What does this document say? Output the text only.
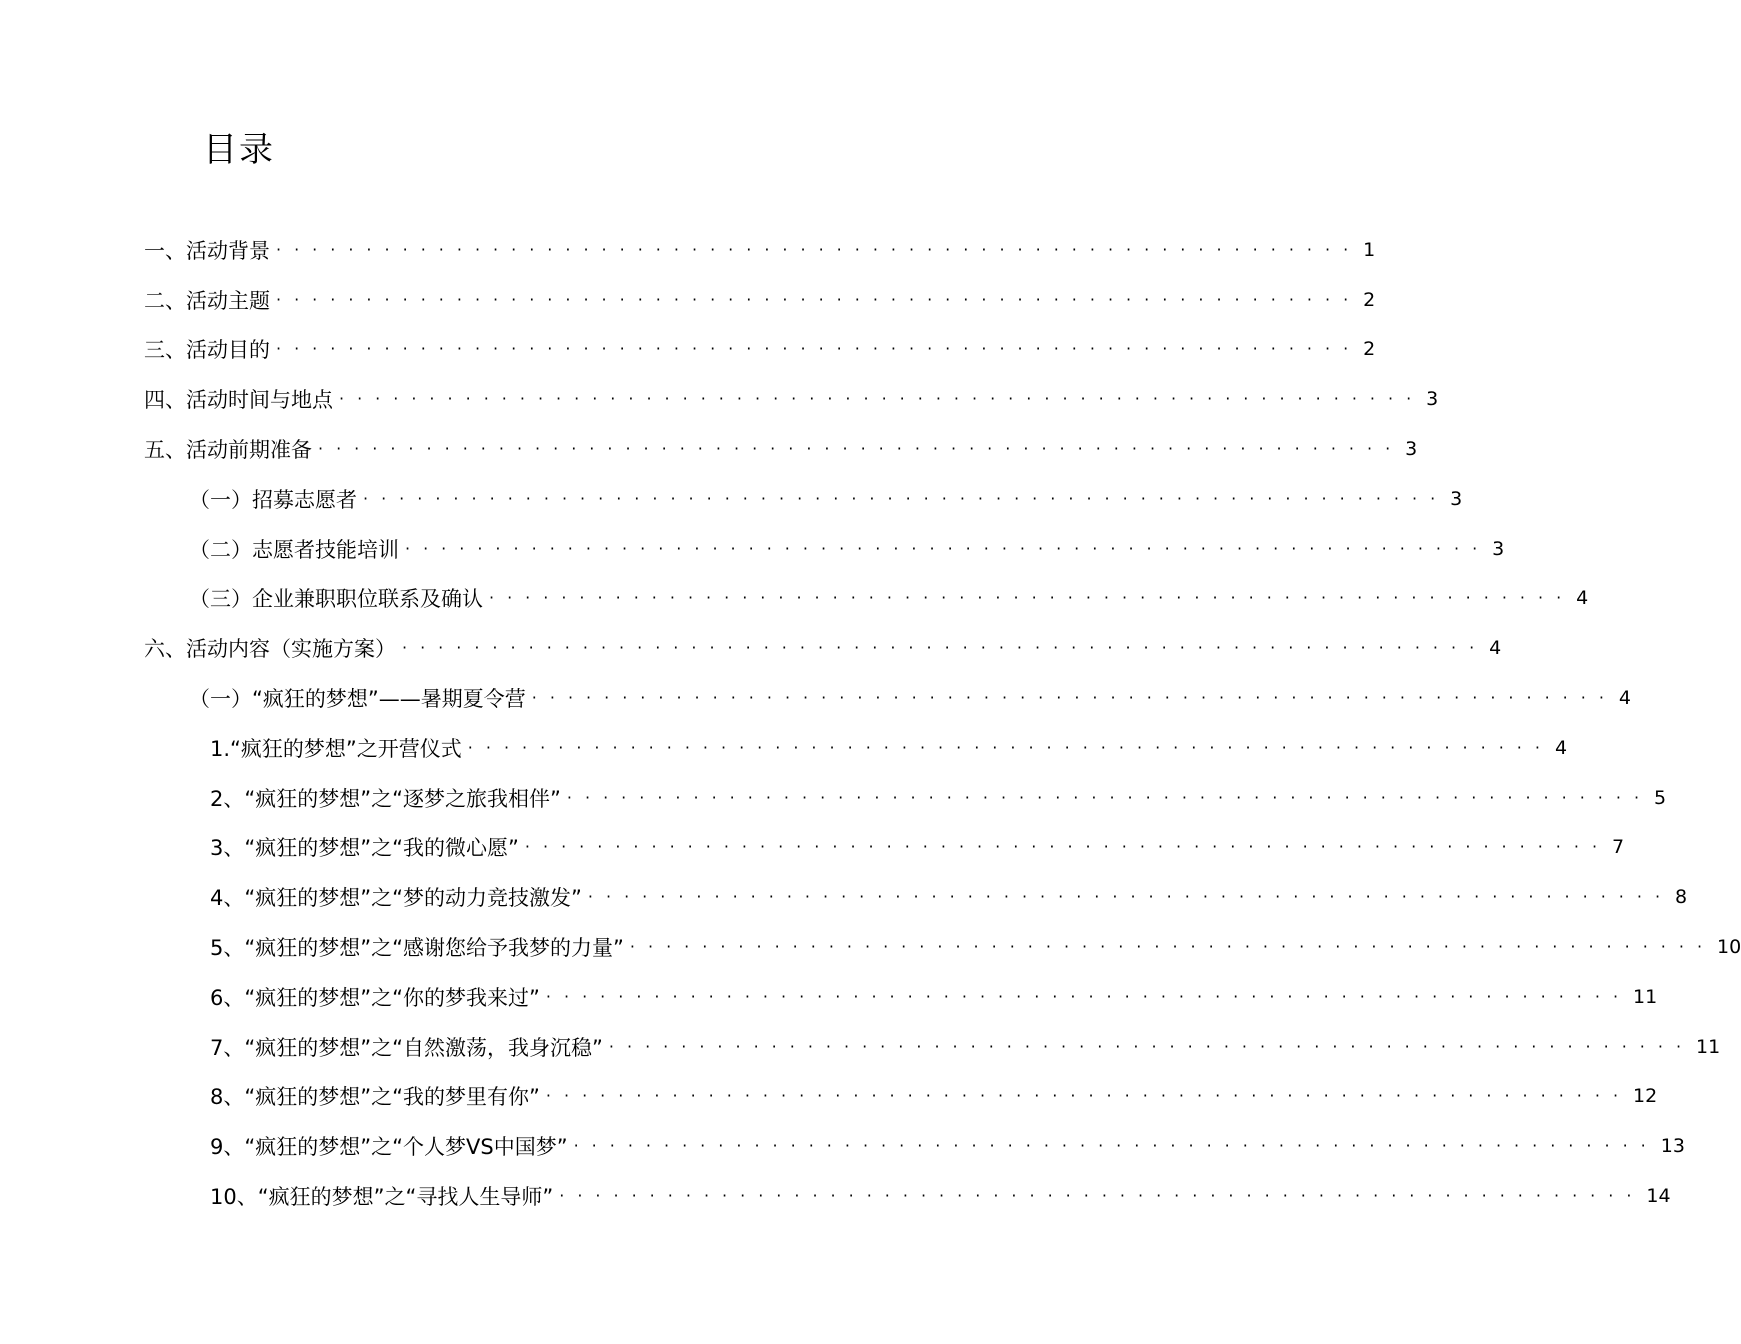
目录
一、活动背景 ···························································· 1
二、活动主题 ···························································· 2
三、活动目的 ···························································· 2
四、活动时间与地点 ···························································· 3
五、活动前期准备 ···························································· 3
（一）招募志愿者 ···························································· 3
（二）志愿者技能培训 ···························································· 3
（三）企业兼职职位联系及确认 ···························································· 4
六、活动内容（实施方案） ···························································· 4
（一）“疯狂的梦想”——暑期夏令营 ···························································· 4
1.“疯狂的梦想”之开营仪式 ···························································· 4
2、“疯狂的梦想”之“逐梦之旅我相伴” ···························································· 5
3、“疯狂的梦想”之“我的微心愿” ···························································· 7
4、“疯狂的梦想”之“梦的动力竞技激发” ···························································· 8
5、“疯狂的梦想”之“感谢您给予我梦的力量” ···························································· 10
6、“疯狂的梦想”之“你的梦我来过” ···························································· 11
7、“疯狂的梦想”之“自然激荡，我身沉稳” ···························································· 11
8、“疯狂的梦想”之“我的梦里有你” ···························································· 12
9、“疯狂的梦想”之“个人梦VS中国梦” ···························································· 13
10、“疯狂的梦想”之“寻找人生导师” ···························································· 14
